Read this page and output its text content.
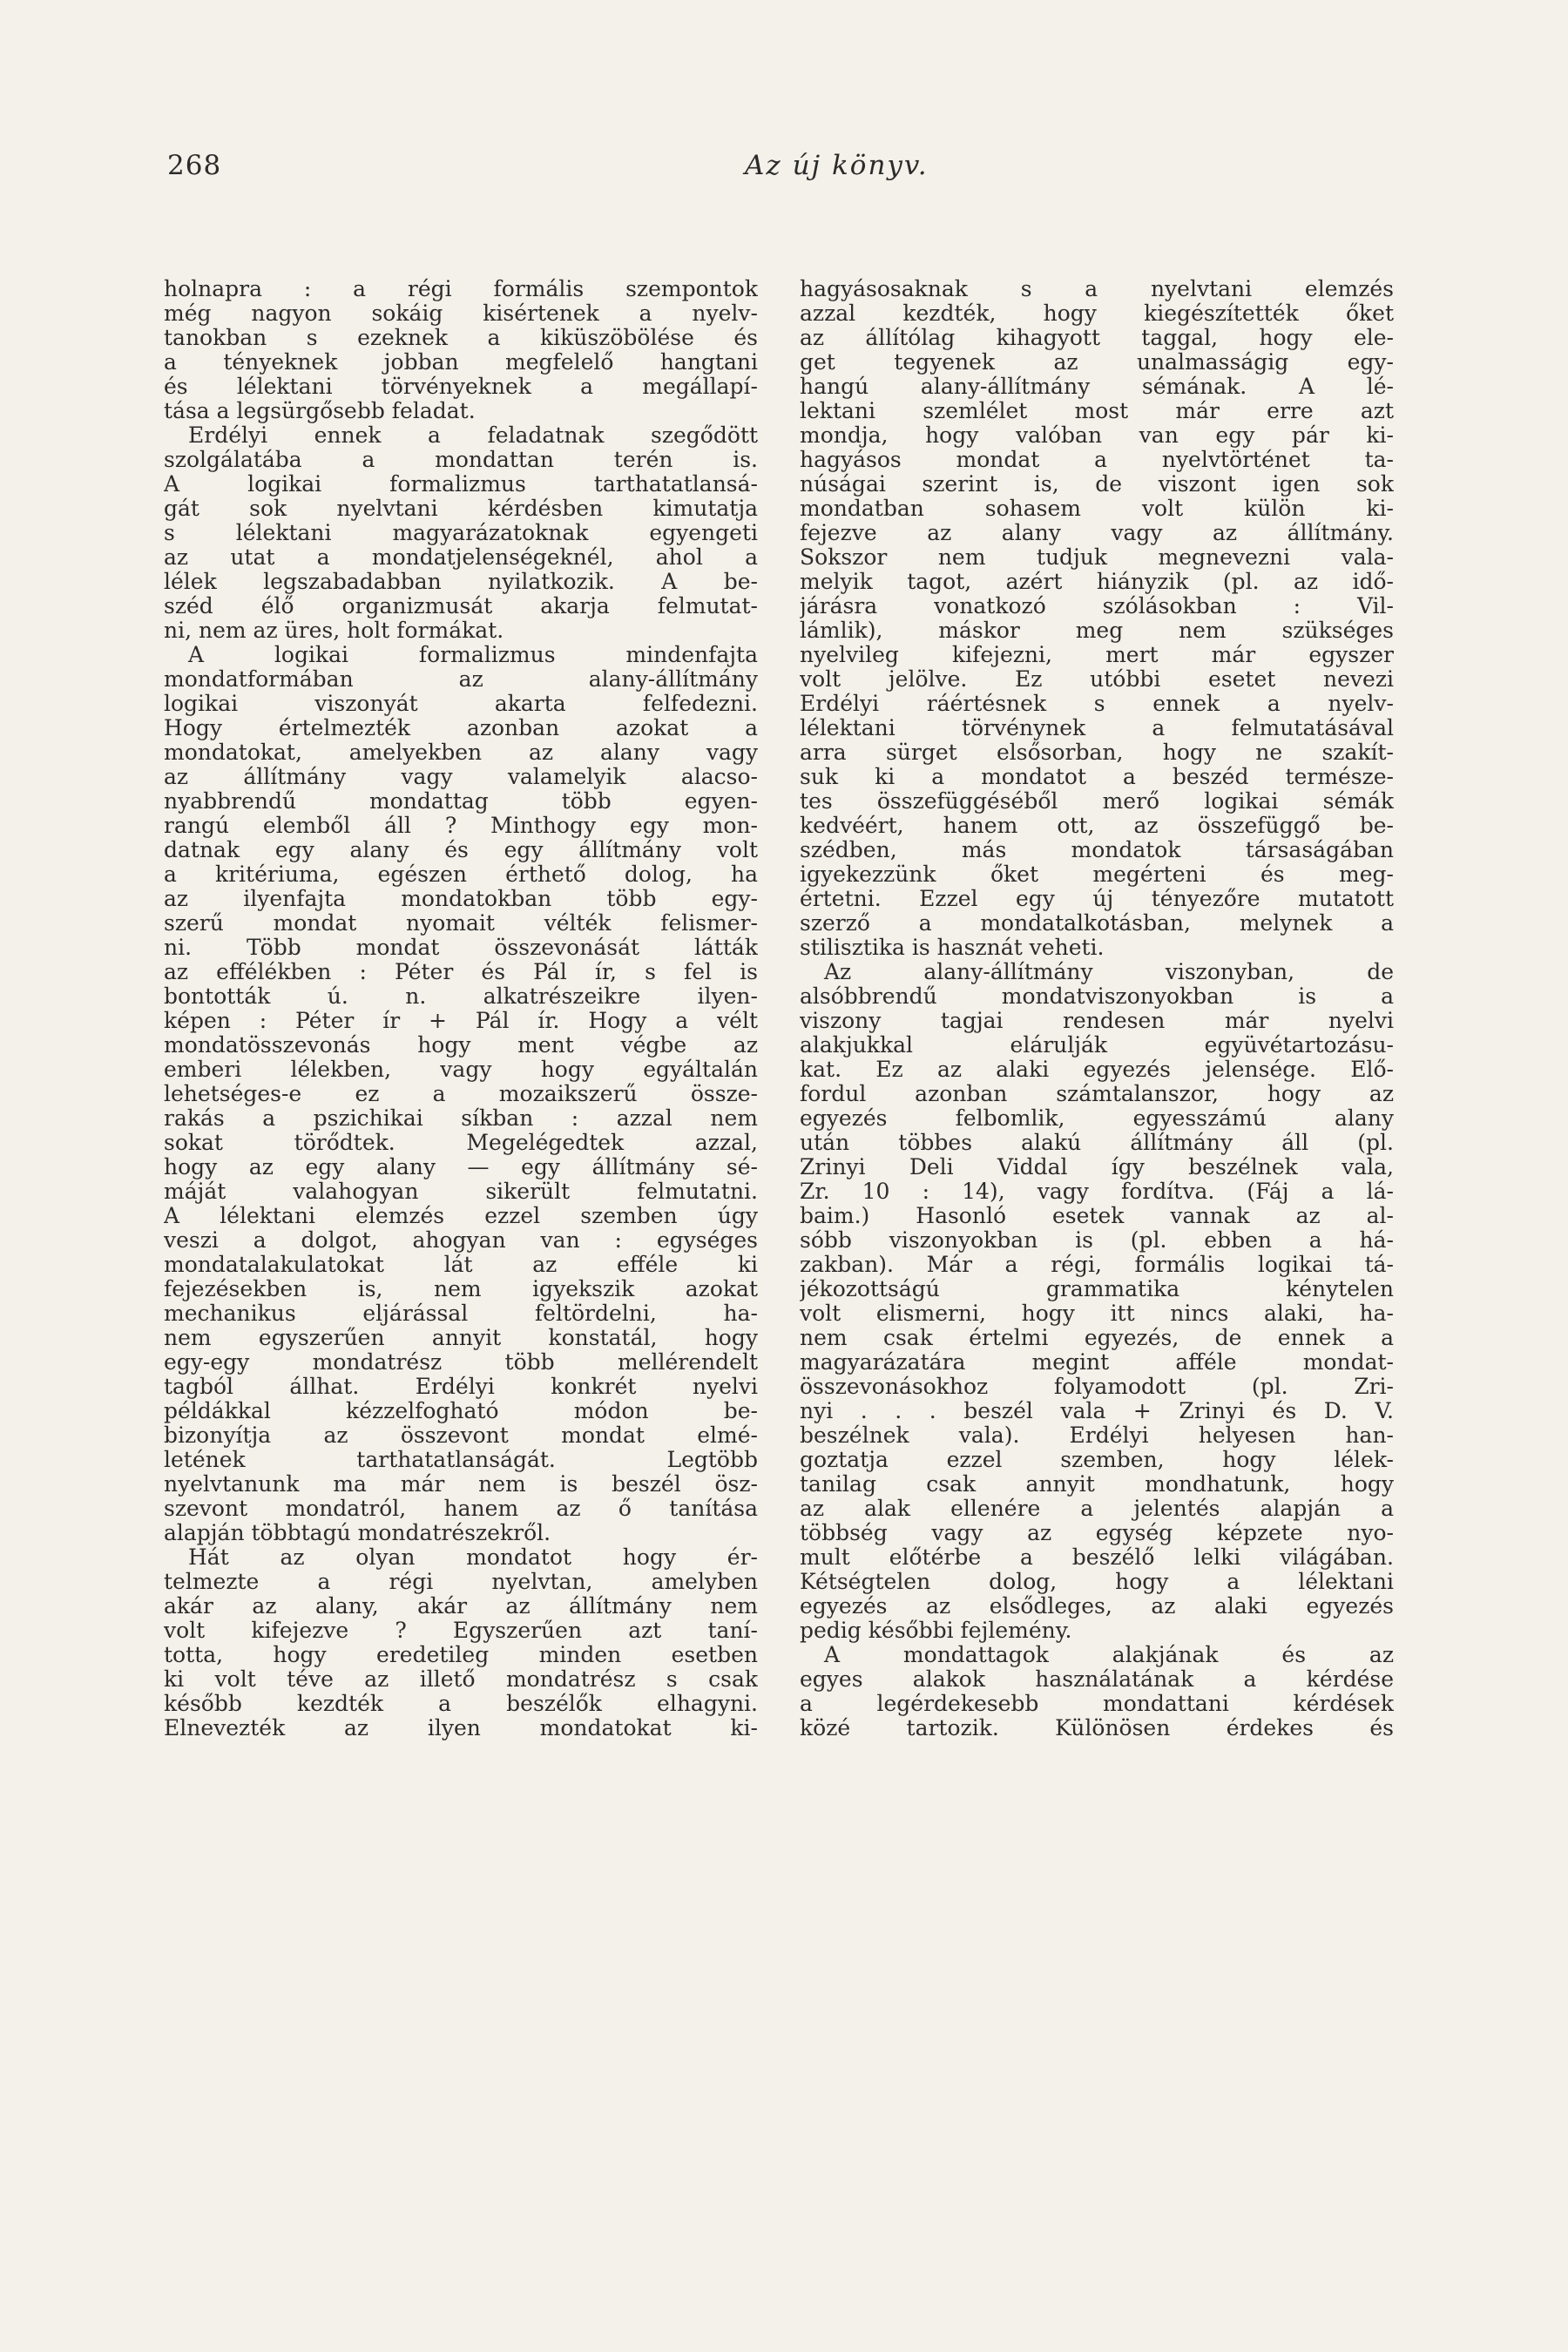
268	Az új könyv.
holnapra : a régi formális szempontok
még nagyon sokáig kisértenek a nyelv-
tanokban s ezeknek a kiküszöbölése és
a tényeknek jobban megfelelő hangtani
és lélektani törvényeknek a megállapí-
tása a legsürgősebb feladat.
Erdélyi ennek a feladatnak szegődött
szolgálatába a mondattan terén is.
A logikai formalizmus tarthatatlansá-
gát sok nyelvtani kérdésben kimutatja
s lélektani magyarázatoknak egyengeti
az utat a mondatjelenségeknél, ahol a
lélek legszabadabban nyilatkozik. A be-
széd élő organizmusát akarja felmutat-
ni, nem az üres, holt formákat.
A logikai formalizmus mindenfajta
mondatformában az alany-állítmány
logikai viszonyát akarta felfedezni.
Hogy értelmezték azonban azokat a
mondatokat, amelyekben az alany vagy
az állítmány vagy valamelyik alacso-
nyabbrendű mondattag több egyen-
rangú elemből áll ? Minthogy egy mon-
datnak egy alany és egy állítmány volt
a kritériuma, egészen érthető dolog, ha
az ilyenfajta mondatokban több egy-
szerű mondat nyomait vélték felismer-
ni. Több mondat összevonását látták
az effélékben : Péter és Pál ír, s fel is
bontották ú. n. alkatrészeikre ilyen-
képen : Péter ír + Pál ír. Hogy a vélt
mondatösszevonás hogy ment végbe az
emberi lélekben, vagy hogy egyáltalán
lehetséges-e ez a mozaikszerű össze-
rakás a pszichikai síkban : azzal nem
sokat törődtek. Megelégedtek azzal,
hogy az egy alany — egy állítmány sé-
máját valahogyan sikerült felmutatni.
A lélektani elemzés ezzel szemben úgy
veszi a dolgot, ahogyan van : egységes
mondatalakulatokat lát az efféle ki
fejezésekben is, nem igyekszik azokat
mechanikus eljárással feltördelni, ha-
nem egyszerűen annyit konstatál, hogy
egy-egy mondatrész több mellérendelt
tagból állhat. Erdélyi konkrét nyelvi
példákkal kézzelfogható módon be-
bizonyítja az összevont mondat elmé-
letének tarthatatlanságát. Legtöbb
nyelvtanunk ma már nem is beszél ösz-
szevont mondatról, hanem az ő tanítása
alapján többtagú mondatrészekről.
Hát az olyan mondatot hogy ér-
telmezte a régi nyelvtan, amelyben
akár az alany, akár az állítmány nem
volt kifejezve ? Egyszerűen azt taní-
totta, hogy eredetileg minden esetben
ki volt téve az illető mondatrész s csak
később kezdték a beszélők elhagyni.
Elnevezték az ilyen mondatokat ki-
hagyásosaknak s a nyelvtani elemzés
azzal kezdték, hogy kiegészítették őket
az állítólag kihagyott taggal, hogy ele-
get tegyenek az unalmasságig egy-
hangú alany-állítmány sémának. A lé-
lektani szemlélet most már erre azt
mondja, hogy valóban van egy pár ki-
hagyásos mondat a nyelvtörténet ta-
núságai szerint is, de viszont igen sok
mondatban sohasem volt külön ki-
fejezve az alany vagy az állítmány.
Sokszor nem tudjuk megnevezni vala-
melyik tagot, azért hiányzik (pl. az idő-
járásra vonatkozó szólásokban : Vil-
lámlik), máskor meg nem szükséges
nyelvileg kifejezni, mert már egyszer
volt jelölve. Ez utóbbi esetet nevezi
Erdélyi ráértésnek s ennek a nyelv-
lélektani törvénynek a felmutatásával
arra sürget elsősorban, hogy ne szakít-
suk ki a mondatot a beszéd természe-
tes összefüggéséből merő logikai sémák
kedvéért, hanem ott, az összefüggő be-
szédben, más mondatok társaságában
igyekezzünk őket megérteni és meg-
értetni. Ezzel egy új tényezőre mutatott
szerző a mondatalkotásban, melynek a
stilisztika is hasznát veheti.
Az alany-állítmány viszonyban, de
alsóbbrendű mondatviszonyokban is a
viszony tagjai rendesen már nyelvi
alakjukkal elárulják együvétartozásu-
kat. Ez az alaki egyezés jelensége. Elő-
fordul azonban számtalanszor, hogy az
egyezés felbomlik, egyesszámú alany
után többes alakú állítmány áll (pl.
Zrinyi Deli Viddal így beszélnek vala,
Zr. 10 : 14), vagy fordítva. (Fáj a lá-
baim.) Hasonló esetek vannak az al-
sóbb viszonyokban is (pl. ebben a há-
zakban). Már a régi, formális logikai tá-
jékozottságú grammatika kénytelen
volt elismerni, hogy itt nincs alaki, ha-
nem csak értelmi egyezés, de ennek a
magyarázatára megint afféle mondat-
összevonásokhoz folyamodott (pl. Zri-
nyi . . . beszél vala + Zrinyi és D. V.
beszélnek vala). Erdélyi helyesen han-
goztatja ezzel szemben, hogy lélek-
tanilag csak annyit mondhatunk, hogy
az alak ellenére a jelentés alapján a
többség vagy az egység képzete nyo-
mult előtérbe a beszélő lelki világában.
Kétségtelen dolog, hogy a lélektani
egyezés az elsődleges, az alaki egyezés
pedig későbbi fejlemény.
A mondattagok alakjának és az
egyes alakok használatának a kérdése
a legérdekesebb mondattani kérdések
közé tartozik. Különösen érdekes és
